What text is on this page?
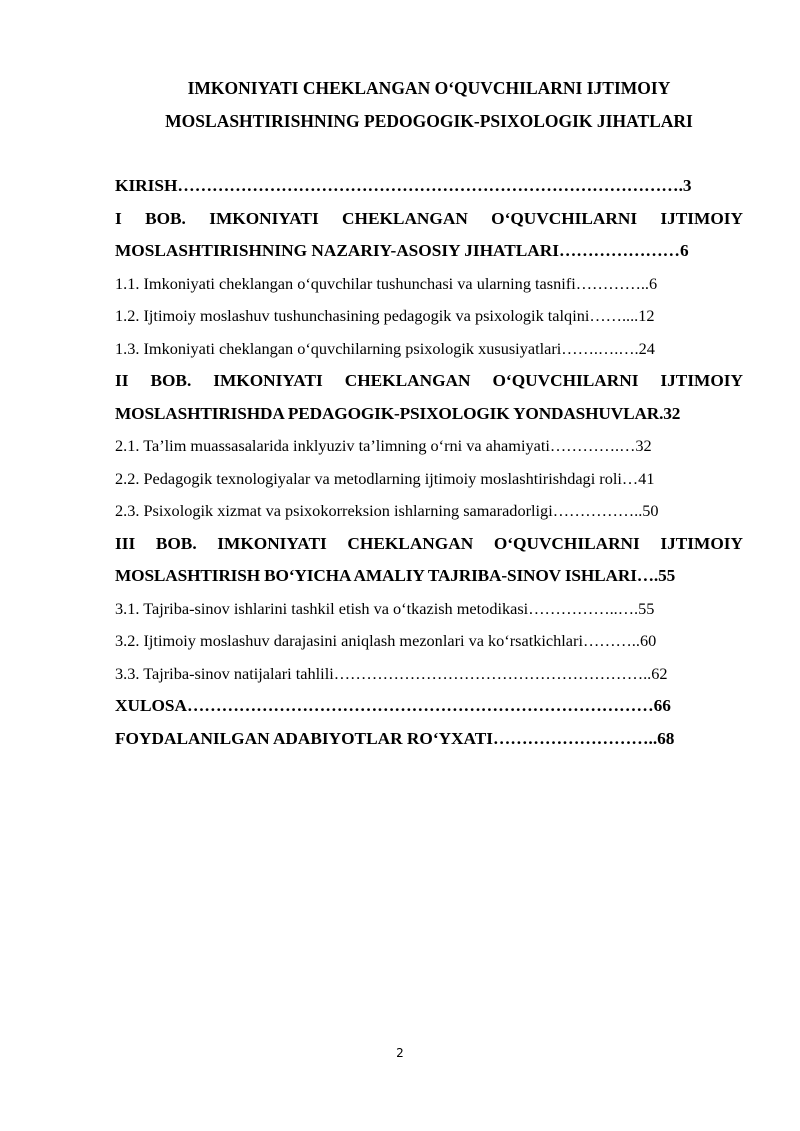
IMKONIYATI CHEKLANGAN O‘QUVCHILARNI IJTIMOIY
MOSLASHTIRISHNING PEDOGOGIK-PSIXOLOGIK JIHATLARI
KIRISH…………………………………………………………………………….3
I BOB. IMKONIYATI CHEKLANGAN O‘QUVCHILARNI IJTIMOIY
MOSLASHTIRISHNING NAZARIY-ASOSIY JIHATLARI…………………6
1.1. Imkoniyati cheklangan o‘quvchilar tushunchasi va ularning tasnifi…………..6
1.2. Ijtimoiy moslashuv tushunchasining pedagogik va psixologik talqini……....12
1.3. Imkoniyati cheklangan o‘quvchilarning psixologik xususiyatlari…….….….24
II BOB. IMKONIYATI CHEKLANGAN O‘QUVCHILARNI IJTIMOIY
MOSLASHTIRISHDA PEDAGOGIK-PSIXOLOGIK YONDASHUVLAR.32
2.1. Ta’lim muassasalarida inklyuziv ta’limning o‘rni va ahamiyati………….…32
2.2. Pedagogik texnologiyalar va metodlarning ijtimoiy moslashtirishdagi roli…41
2.3. Psixologik xizmat va psixokorreksion ishlarning samaradorligi……………..50
III BOB. IMKONIYATI CHEKLANGAN O‘QUVCHILARNI IJTIMOIY
MOSLASHTIRISH BO‘YICHA AMALIY TAJRIBA-SINOV ISHLARI….55
3.1. Tajriba-sinov ishlarini tashkil etish va o‘tkazish metodikasi……………..….55
3.2. Ijtimoiy moslashuv darajasini aniqlash mezonlari va ko‘rsatkichlari………..60
3.3. Tajriba-sinov natijalari tahlili…………………………………………………..62
XULOSA………………………………………………………………………66
FOYDALANILGAN ADABIYOTLAR RO‘YXATI………………………..68
2
